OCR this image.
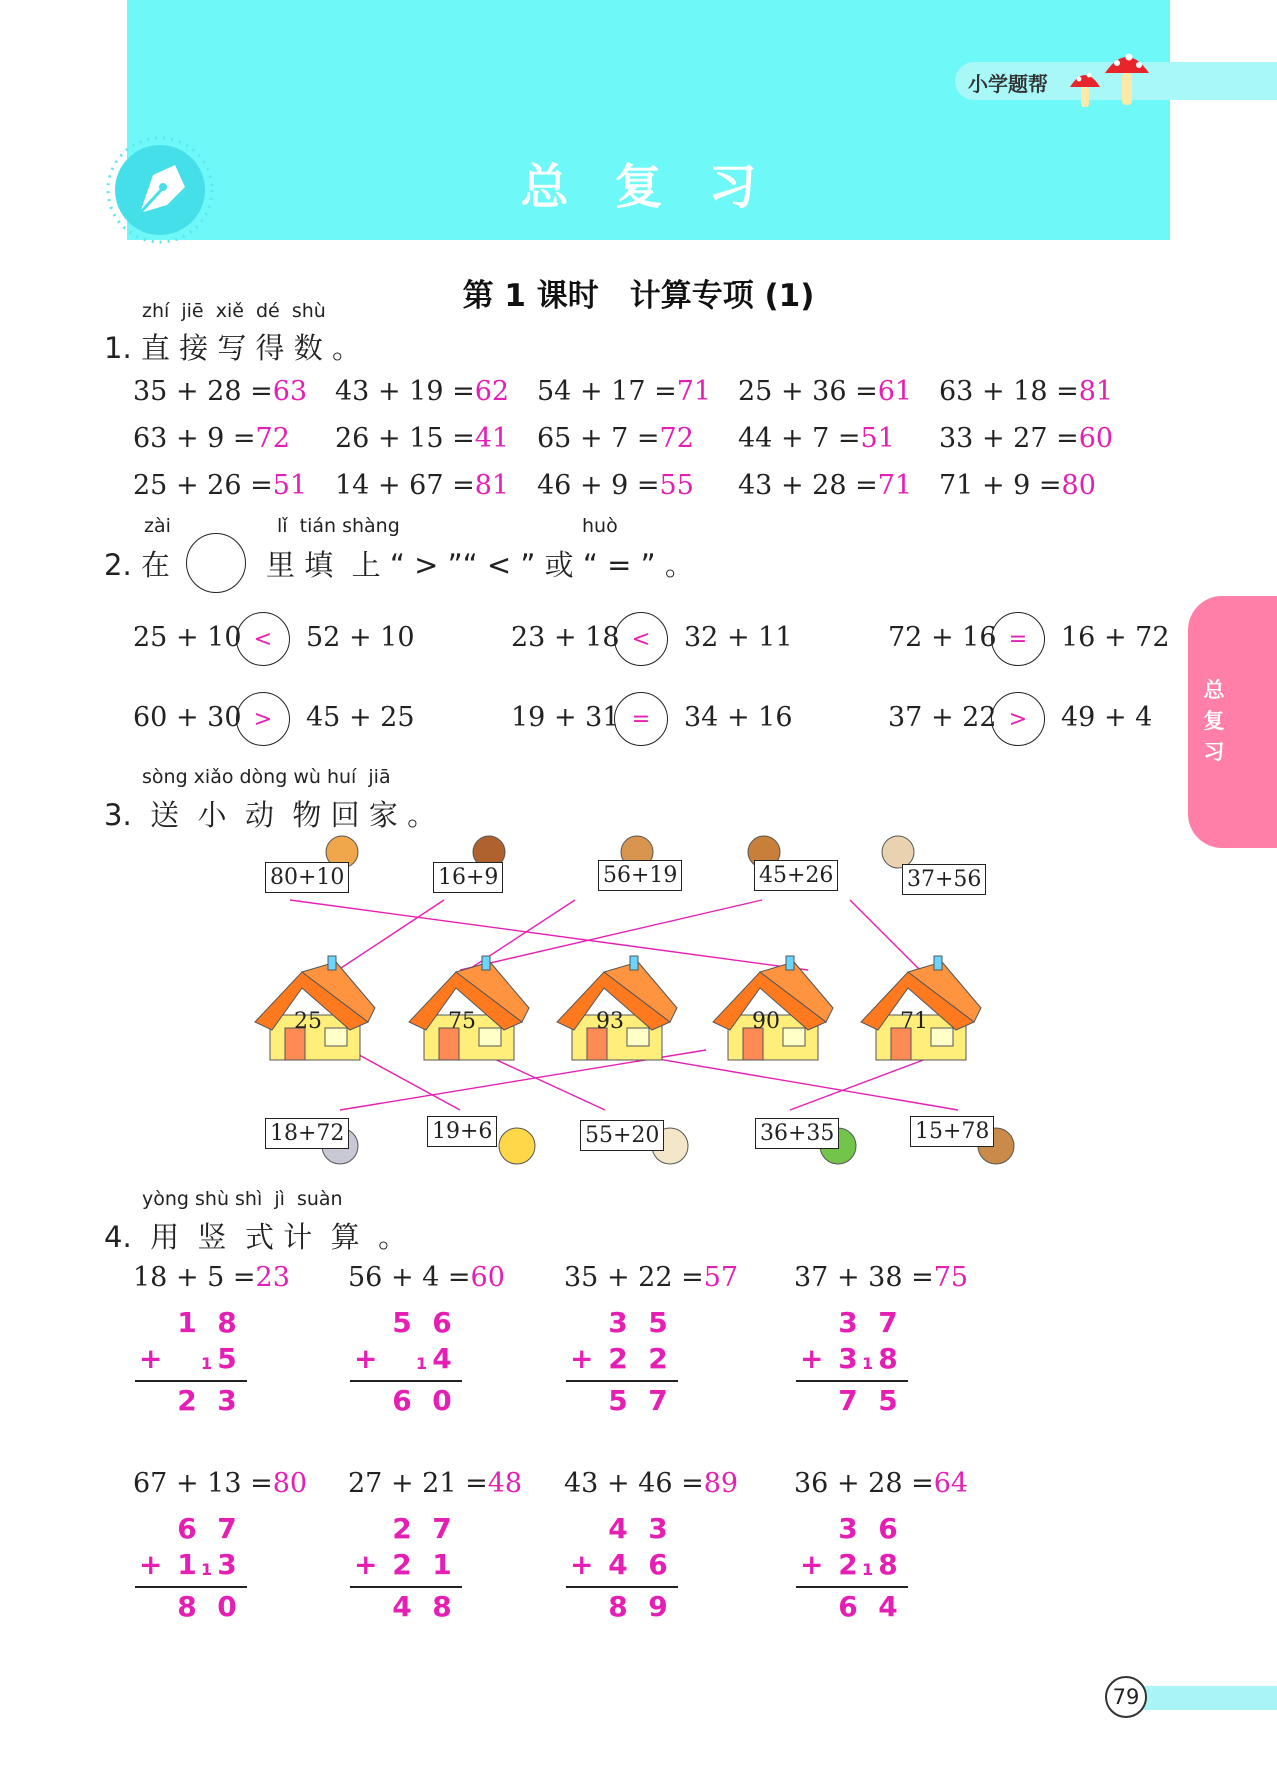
小学题帮
总复习
第 1 课时　计算专项 (1)
总复习
zhí  jiē  xiě  dé  shù
1. 直 接 写 得 数 。
zài	lǐ  tián shàng	huò
2. 在	里 填  上 “ > ”“ < ” 或 “ = ” 。
sòng xiǎo dòng wù huí  jiā
3.  送  小  动  物 回 家 。
25	75	93	90	71
yòng shù shì  jì  suàn
4.  用  竖  式 计  算  。
79
35 + 28 =63 43 + 19 =62 54 + 17 =71 25 + 36 =61 63 + 18 =81
63 + 9 =72 26 + 15 =41 65 + 7 =72 44 + 7 =51 33 + 27 =60
25 + 26 =51 14 + 67 =81 46 + 9 =55 43 + 28 =71 71 + 9 =80
25 + 10 <	52 + 10	23 + 18 <	32 + 11	72 + 16 =	16 + 72
60 + 30 >	45 + 25	19 + 31 =	34 + 16	37 + 22 >	49 + 4
80+10	16+9	56+19	45+26	37+56
18+72	19+6	55+20	36+35	15+78
18 + 5 =23
1 8
+ 1 5
2 3
56 + 4 =60
5 6
+ 1 4
6 0
35 + 22 =57
3 5
+ 2 2
5 7
37 + 38 =75
3 7
+ 3 1 8
7 5
67 + 13 =80
6 7
+ 1 1 3
8 0
27 + 21 =48
2 7
+ 2 1
4 8
43 + 46 =89
4 3
+ 4 6
8 9
36 + 28 =64
3 6
+ 2 1 8
6 4
